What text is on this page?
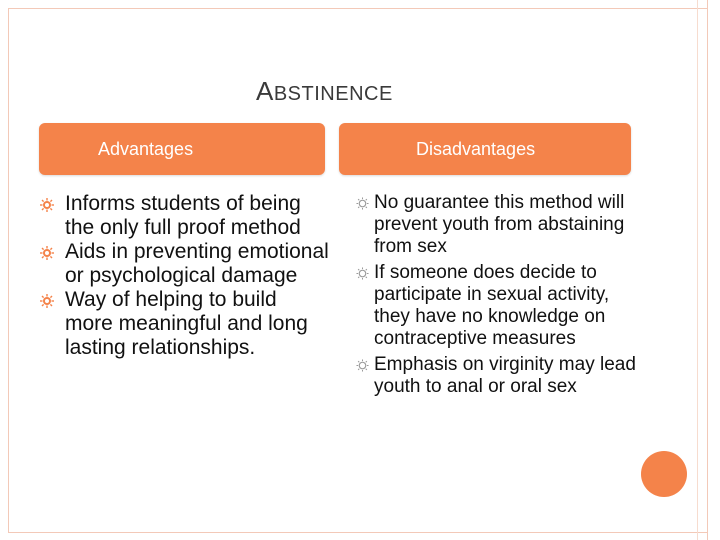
ABSTINENCE
Advantages	Disadvantages
Informs students of being the only full proof method
Aids in preventing emotional or psychological damage
Way of helping to build more meaningful and long lasting relationships.
No guarantee this method will prevent youth from abstaining from sex
If someone does decide to participate in sexual activity, they have no knowledge on contraceptive measures
Emphasis on virginity may lead youth to anal or oral sex
